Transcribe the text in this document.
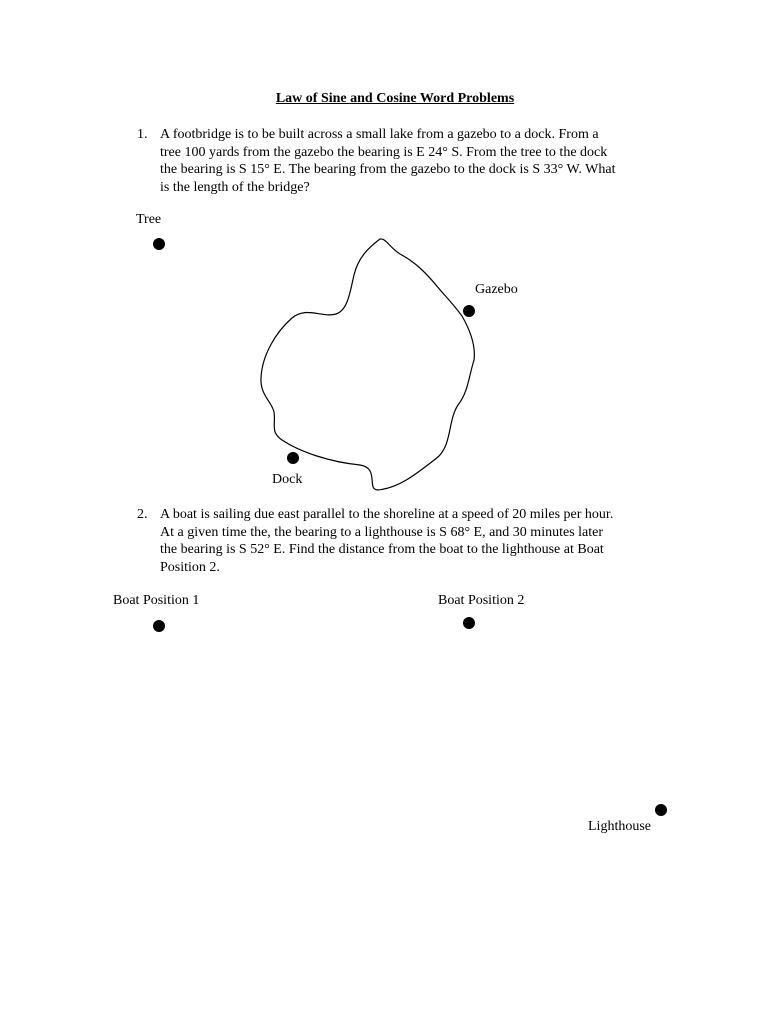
Law of Sine and Cosine Word Problems
1. A footbridge is to be built across a small lake from a gazebo to a dock. From a
tree 100 yards from the gazebo the bearing is E 24° S. From the tree to the dock
the bearing is S 15° E. The bearing from the gazebo to the dock is S 33° W. What
is the length of the bridge?
Tree
Gazebo
Dock
2. A boat is sailing due east parallel to the shoreline at a speed of 20 miles per hour.
At a given time the, the bearing to a lighthouse is S 68° E, and 30 minutes later
the bearing is S 52° E. Find the distance from the boat to the lighthouse at Boat
Position 2.
Boat Position 1	Boat Position 2
Lighthouse
